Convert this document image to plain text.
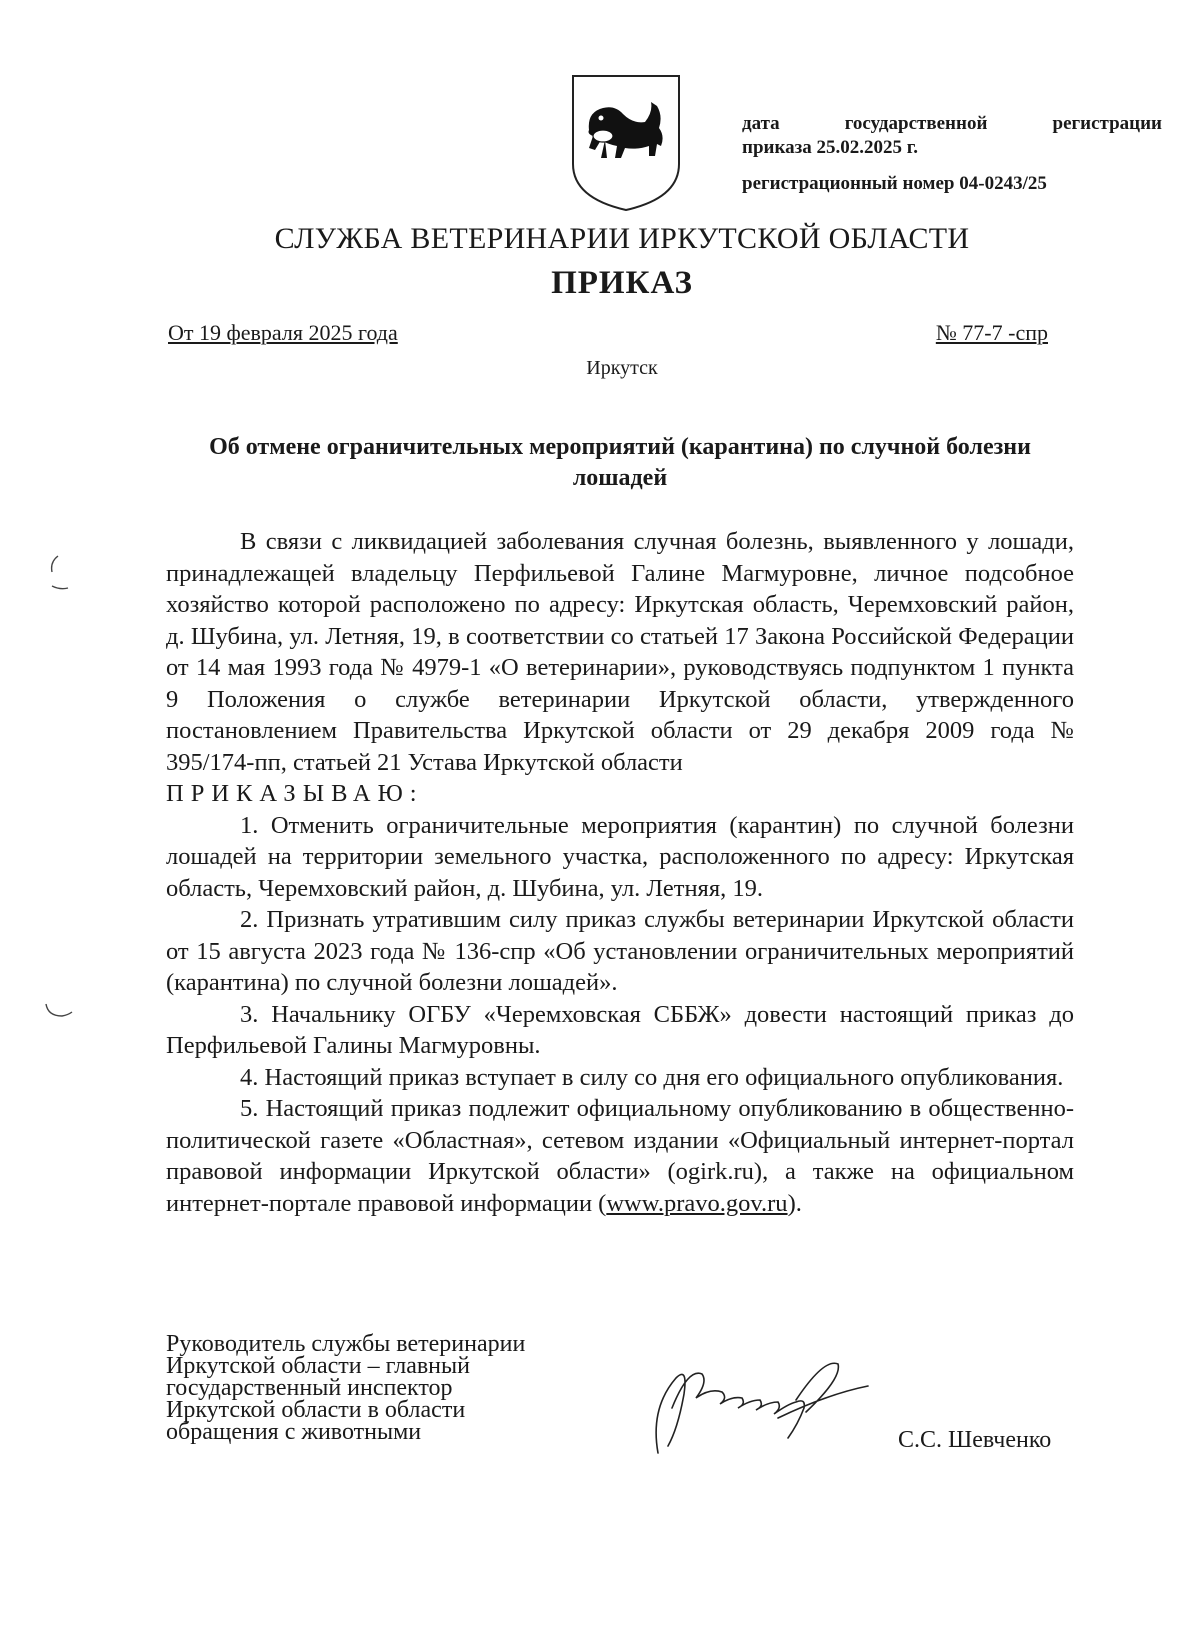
дата	государственной	регистрации
приказа 25.02.2025 г.
регистрационный номер 04-0243/25
СЛУЖБА ВЕТЕРИНАРИИ ИРКУТСКОЙ ОБЛАСТИ
ПРИКАЗ
От 19 февраля 2025 года	№ 77-7 -спр
Иркутск
Об отмене ограничительных мероприятий (карантина) по случной болезни лошадей

В связи с ликвидацией заболевания случная болезнь, выявленного у лошади, принадлежащей владельцу Перфильевой Галине Магмуровне, личное подсобное хозяйство которой расположено по адресу: Иркутская область, Черемховский район, д. Шубина, ул. Летняя, 19, в соответствии со статьей 17 Закона Российской Федерации от 14 мая 1993 года № 4979-1 «О ветеринарии», руководствуясь подпунктом 1 пункта 9 Положения о службе ветеринарии Иркутской области, утвержденного постановлением Правительства Иркутской области от 29 декабря 2009 года № 395/174-пп, статьей 21 Устава Иркутской области

ПРИКАЗЫВАЮ:

1. Отменить ограничительные мероприятия (карантин) по случной болезни лошадей на территории земельного участка, расположенного по адресу: Иркутская область, Черемховский район, д. Шубина, ул. Летняя, 19.

2. Признать утратившим силу приказ службы ветеринарии Иркутской области от 15 августа 2023 года № 136-спр «Об установлении ограничительных мероприятий (карантина) по случной болезни лошадей».

3. Начальнику ОГБУ «Черемховская СББЖ» довести настоящий приказ до Перфильевой Галины Магмуровны.

4. Настоящий приказ вступает в силу со дня его официального опубликования.

5. Настоящий приказ подлежит официальному опубликованию в общественно-политической газете «Областная», сетевом издании «Официальный интернет-портал правовой информации Иркутской области» (ogirk.ru), а также на официальном интернет-портале правовой информации (www.pravo.gov.ru).

Руководитель службы ветеринарии
Иркутской области – главный
государственный инспектор
Иркутской области в области
обращения с животными	С.С. Шевченко
